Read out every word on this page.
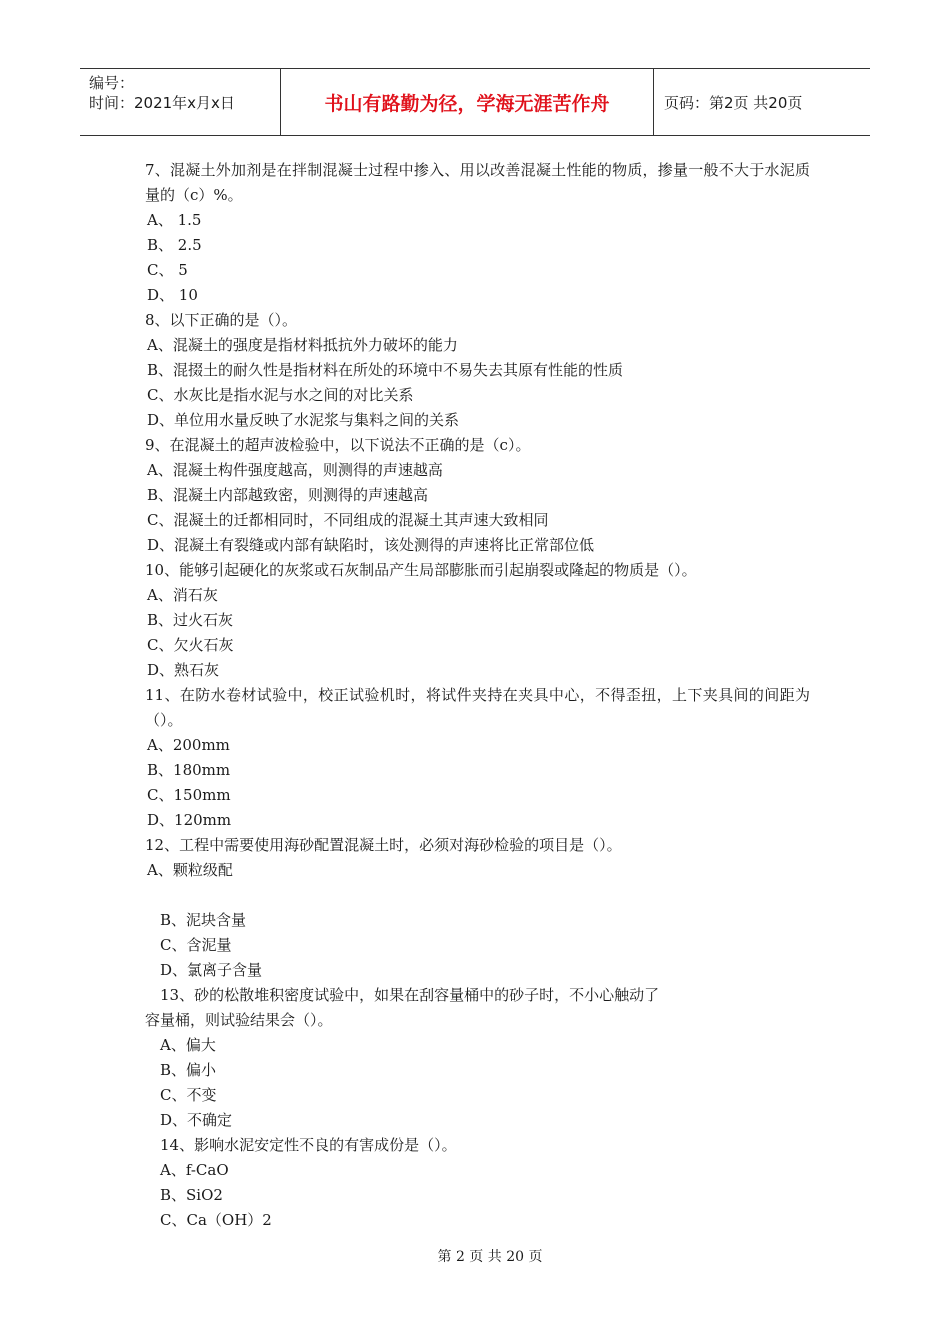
编号：
时间：2021年x月x日	书山有路勤为径，学海无涯苦作舟	页码：第2页 共20页
7、混凝土外加剂是在拌制混凝士过程中掺入、用以改善混凝土性能的物质，掺量一般不大于水泥质量的（c）%。
A、 1.5
B、 2.5
C、 5
D、 10
8、以下正确的是（）。
A、混凝土的强度是指材料抵抗外力破坏的能力
B、混掇土的耐久性是指材料在所处的环境中不易失去其原有性能的性质
C、水灰比是指水泥与水之间的对比关系
D、单位用水量反映了水泥浆与集料之间的关系
9、在混凝土的超声波检验中，以下说法不正确的是（c）。
A、混凝土构件强度越高，则测得的声速越高
B、混凝土内部越致密，则测得的声速越高
C、混凝土的迁都相同时，不同组成的混凝土其声速大致相同
D、混凝土有裂缝或内部有缺陷时，该处测得的声速将比正常部位低
10、能够引起硬化的灰浆或石灰制品产生局部膨胀而引起崩裂或隆起的物质是（）。
A、消石灰
B、过火石灰
C、欠火石灰
D、熟石灰
11、在防水卷材试验中，校正试验机时，将试件夹持在夹具中心，不得歪扭，上下夹具间的间距为（）。
A、200mm
B、180mm
C、150mm
D、120mm
12、工程中需要使用海砂配置混凝土时，必须对海砂检验的项目是（）。
A、颗粒级配
B、泥块含量
C、含泥量
D、氯离子含量
13、砂的松散堆积密度试验中，如果在刮容量桶中的砂子时，不小心触动了
容量桶，则试验结果会（）。
A、偏大
B、偏小
C、不变
D、不确定
14、影响水泥安定性不良的有害成份是（）。
A、f-CaO
B、SiO2
C、Ca（OH）2
第 2 页 共 20 页
